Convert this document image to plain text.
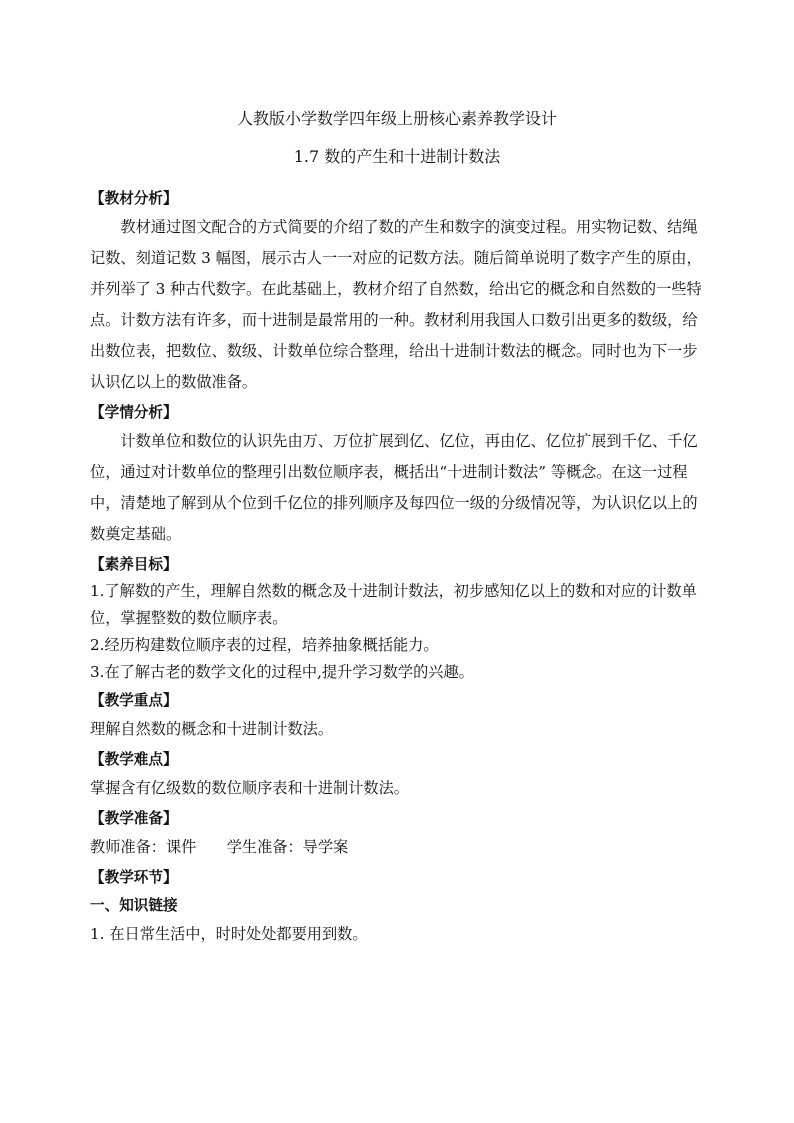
人教版小学数学四年级上册核心素养教学设计
1.7 数的产生和十进制计数法
【教材分析】

教材通过图文配合的方式简要的介绍了数的产生和数字的演变过程。用实物记数、结绳记数、刻道记数 3 幅图，展示古人一一对应的记数方法。随后简单说明了数字产生的原由，并列举了 3 种古代数字。在此基础上，教材介绍了自然数，给出它的概念和自然数的一些特点。计数方法有许多，而十进制是最常用的一种。教材利用我国人口数引出更多的数级，给出数位表，把数位、数级、计数单位综合整理，给出十进制计数法的概念。同时也为下一步认识亿以上的数做准备。

【学情分析】

计数单位和数位的认识先由万、万位扩展到亿、亿位，再由亿、亿位扩展到千亿、千亿 位，通过对计数单位的整理引出数位顺序表，概括出“十进制计数法” 等概念。在这一过程中，清楚地了解到从个位到千亿位的排列顺序及每四位一级的分级情况等，为认识亿以上的数奠定基础。

【素养目标】

1.了解数的产生，理解自然数的概念及十进制计数法，初步感知亿以上的数和对应的计数单位，掌握整数的数位顺序表。

2.经历构建数位顺序表的过程，培养抽象概括能力。

3.在了解古老的数学文化的过程中,提升学习数学的兴趣。

【教学重点】

理解自然数的概念和十进制计数法。

【教学难点】

掌握含有亿级数的数位顺序表和十进制计数法。

【教学准备】

教师准备：课件 学生准备：导学案

【教学环节】
一、知识链接

1. 在日常生活中，时时处处都要用到数。
